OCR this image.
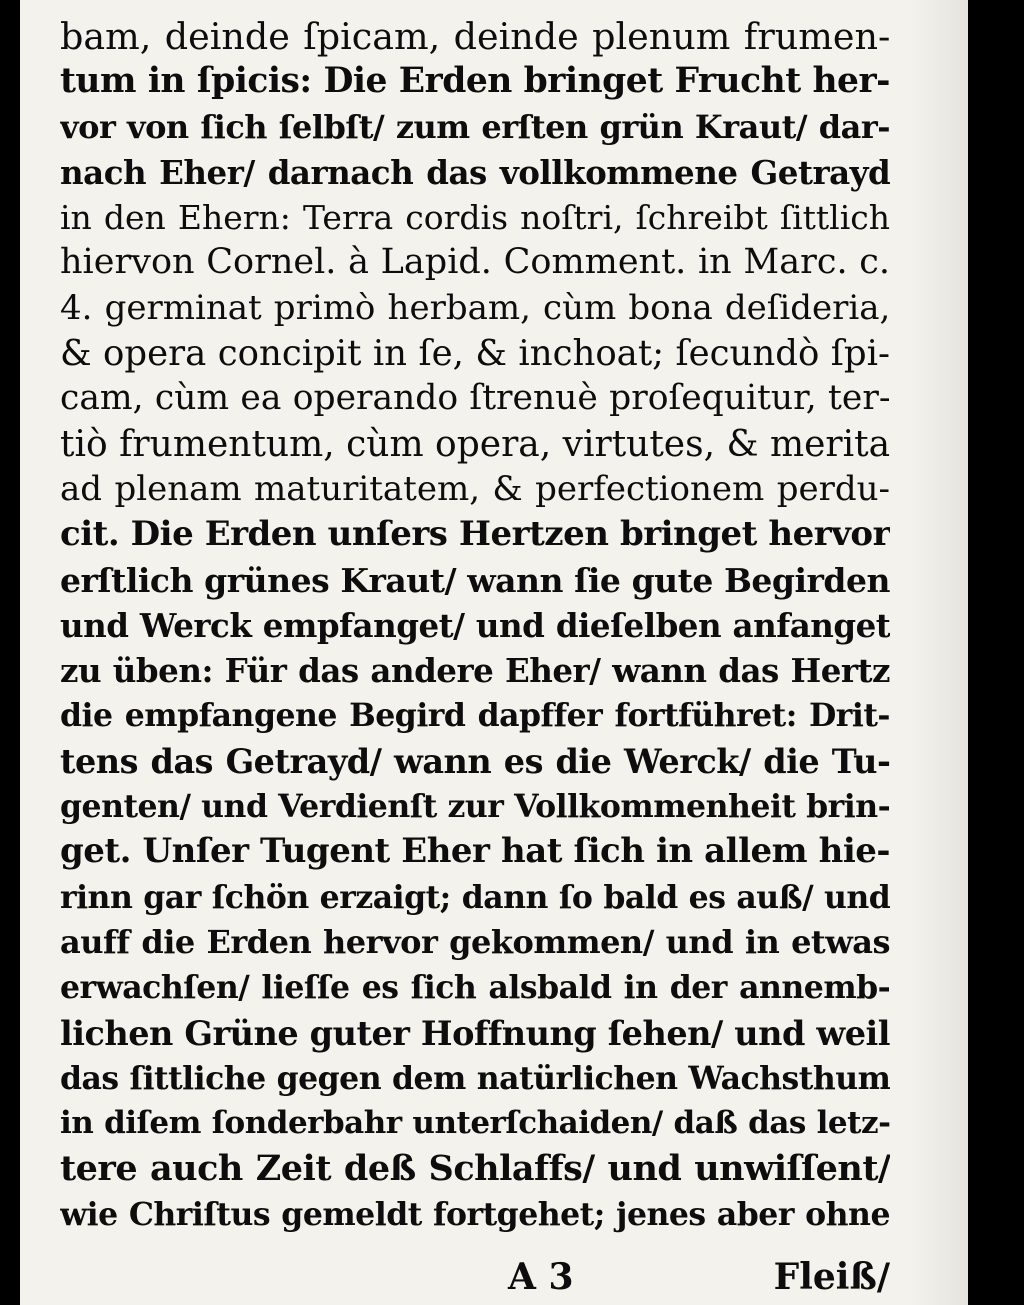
bam, deinde ſpicam, deinde plenum frumen-
tum in ſpicis: Die Erden bringet Frucht her-
vor von ſich ſelbſt/ zum erſten grün Kraut/ dar-
nach Eher/ darnach das vollkommene Getrayd
in den Ehern: Terra cordis noſtri, ſchreibt ſittlich
hiervon Cornel. à Lapid. Comment. in Marc. c.
4. germinat primò herbam, cùm bona deſideria,
& opera concipit in ſe, & inchoat; ſecundò ſpi-
cam, cùm ea operando ſtrenuè proſequitur, ter-
tiò frumentum, cùm opera, virtutes, & merita
ad plenam maturitatem, & perfectionem perdu-
cit. Die Erden unſers Hertzen bringet hervor
erſtlich grünes Kraut/ wann ſie gute Begirden
und Werck empfanget/ und dieſelben anfanget
zu üben: Für das andere Eher/ wann das Hertz
die empfangene Begird dapffer fortführet: Drit-
tens das Getrayd/ wann es die Werck/ die Tu-
genten/ und Verdienſt zur Vollkommenheit brin-
get. Unſer Tugent Eher hat ſich in allem hie-
rinn gar ſchön erzaigt; dann ſo bald es auß/ und
auff die Erden hervor gekommen/ und in etwas
erwachſen/ lieſſe es ſich alsbald in der annemb-
lichen Grüne guter Hoffnung ſehen/ und weil
das ſittliche gegen dem natürlichen Wachsthum
in diſem ſonderbahr unterſchaiden/ daß das letz-
tere auch Zeit deß Schlaffs/ und unwiſſent/
wie Chriſtus gemeldt fortgehet; jenes aber ohne
A 3	Fleiß/
